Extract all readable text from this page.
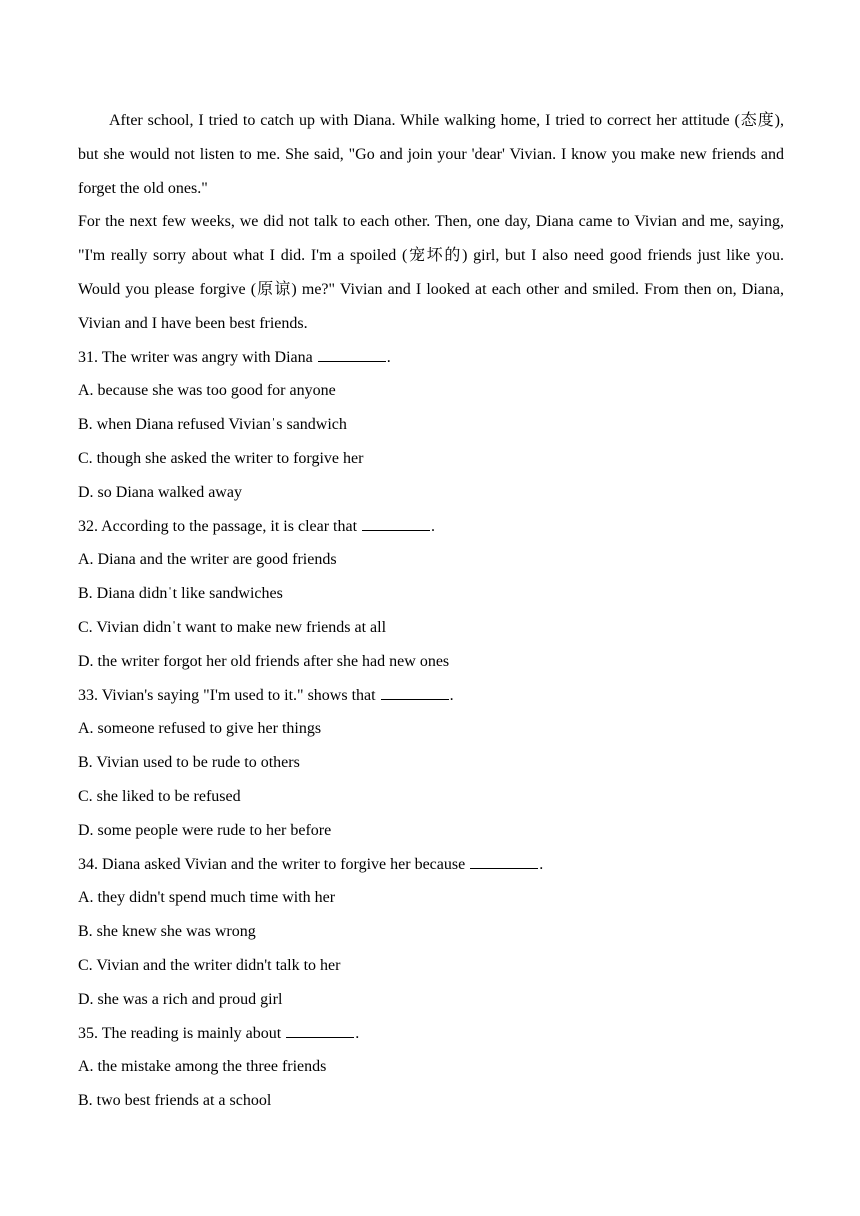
After school, I tried to catch up with Diana. While walking home, I tried to correct her attitude (态度), but she would not listen to me. She said, "Go and join your 'dear' Vivian. I know you make new friends and forget the old ones."

For the next few weeks, we did not talk to each other. Then, one day, Diana came to Vivian and me, saying, "I'm really sorry about what I did. I'm a spoiled (宠坏的) girl, but I also need good friends just like you. Would you please forgive (原谅) me?" Vivian and I looked at each other and smiled. From then on, Diana, Vivian and I have been best friends.

31. The writer was angry with Diana	.

A. because she was too good for anyone

B. when Diana refused Vivianˈs sandwich

C. though she asked the writer to forgive her

D. so Diana walked away

32. According to the passage, it is clear that	.

A. Diana and the writer are good friends

B. Diana didnˈt like sandwiches

C. Vivian didnˈt want to make new friends at all

D. the writer forgot her old friends after she had new ones

33. Vivian's saying "I'm used to it." shows that	.

A. someone refused to give her things

B. Vivian used to be rude to others

C. she liked to be refused

D. some people were rude to her before

34. Diana asked Vivian and the writer to forgive her because	.

A. they didn't spend much time with her

B. she knew she was wrong

C. Vivian and the writer didn't talk to her

D. she was a rich and proud girl

35. The reading is mainly about	.

A. the mistake among the three friends

B. two best friends at a school
